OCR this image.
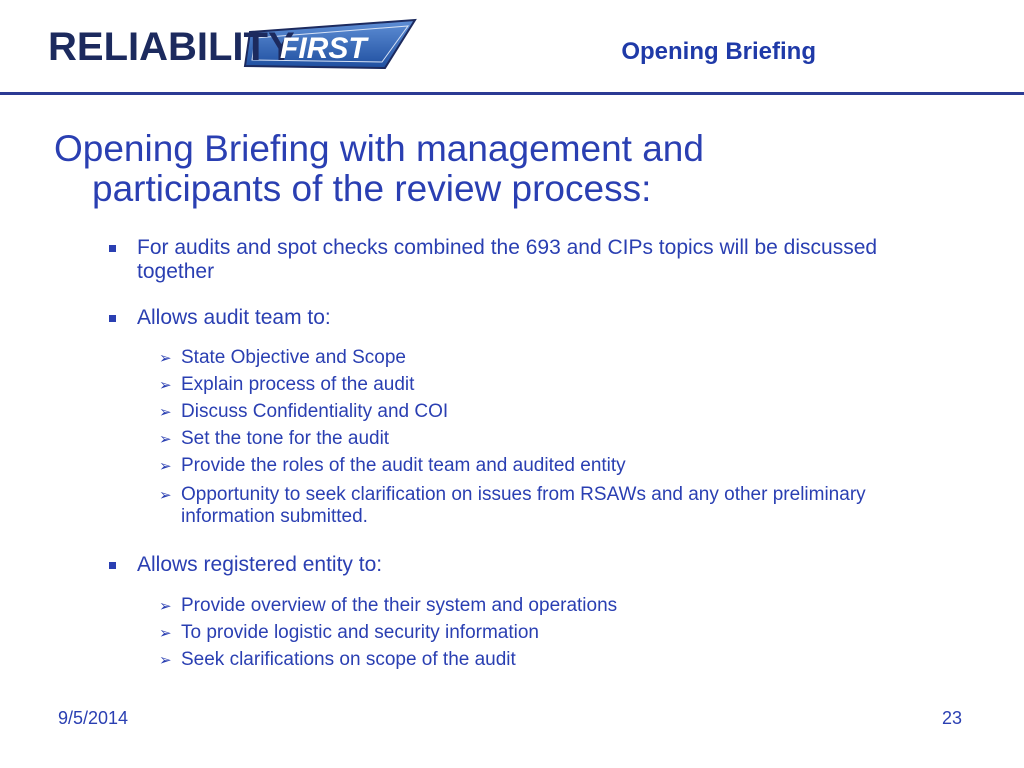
RELIABILITY
FIRST	Opening Briefing
Opening Briefing with management and participants of the review process:
For audits and spot checks combined the 693 and CIPs topics will be discussed together
Allows audit team to:
➢ State Objective and Scope
➢ Explain process of the audit
➢ Discuss Confidentiality and COI
➢ Set the tone for the audit
➢ Provide the roles of the audit team and audited entity
➢ Opportunity to seek clarification on issues from RSAWs and any other preliminary information submitted.
Allows registered entity to:
➢ Provide overview of the their system and operations
➢ To provide logistic and security information
➢ Seek clarifications on scope of the audit
9/5/2014	23
